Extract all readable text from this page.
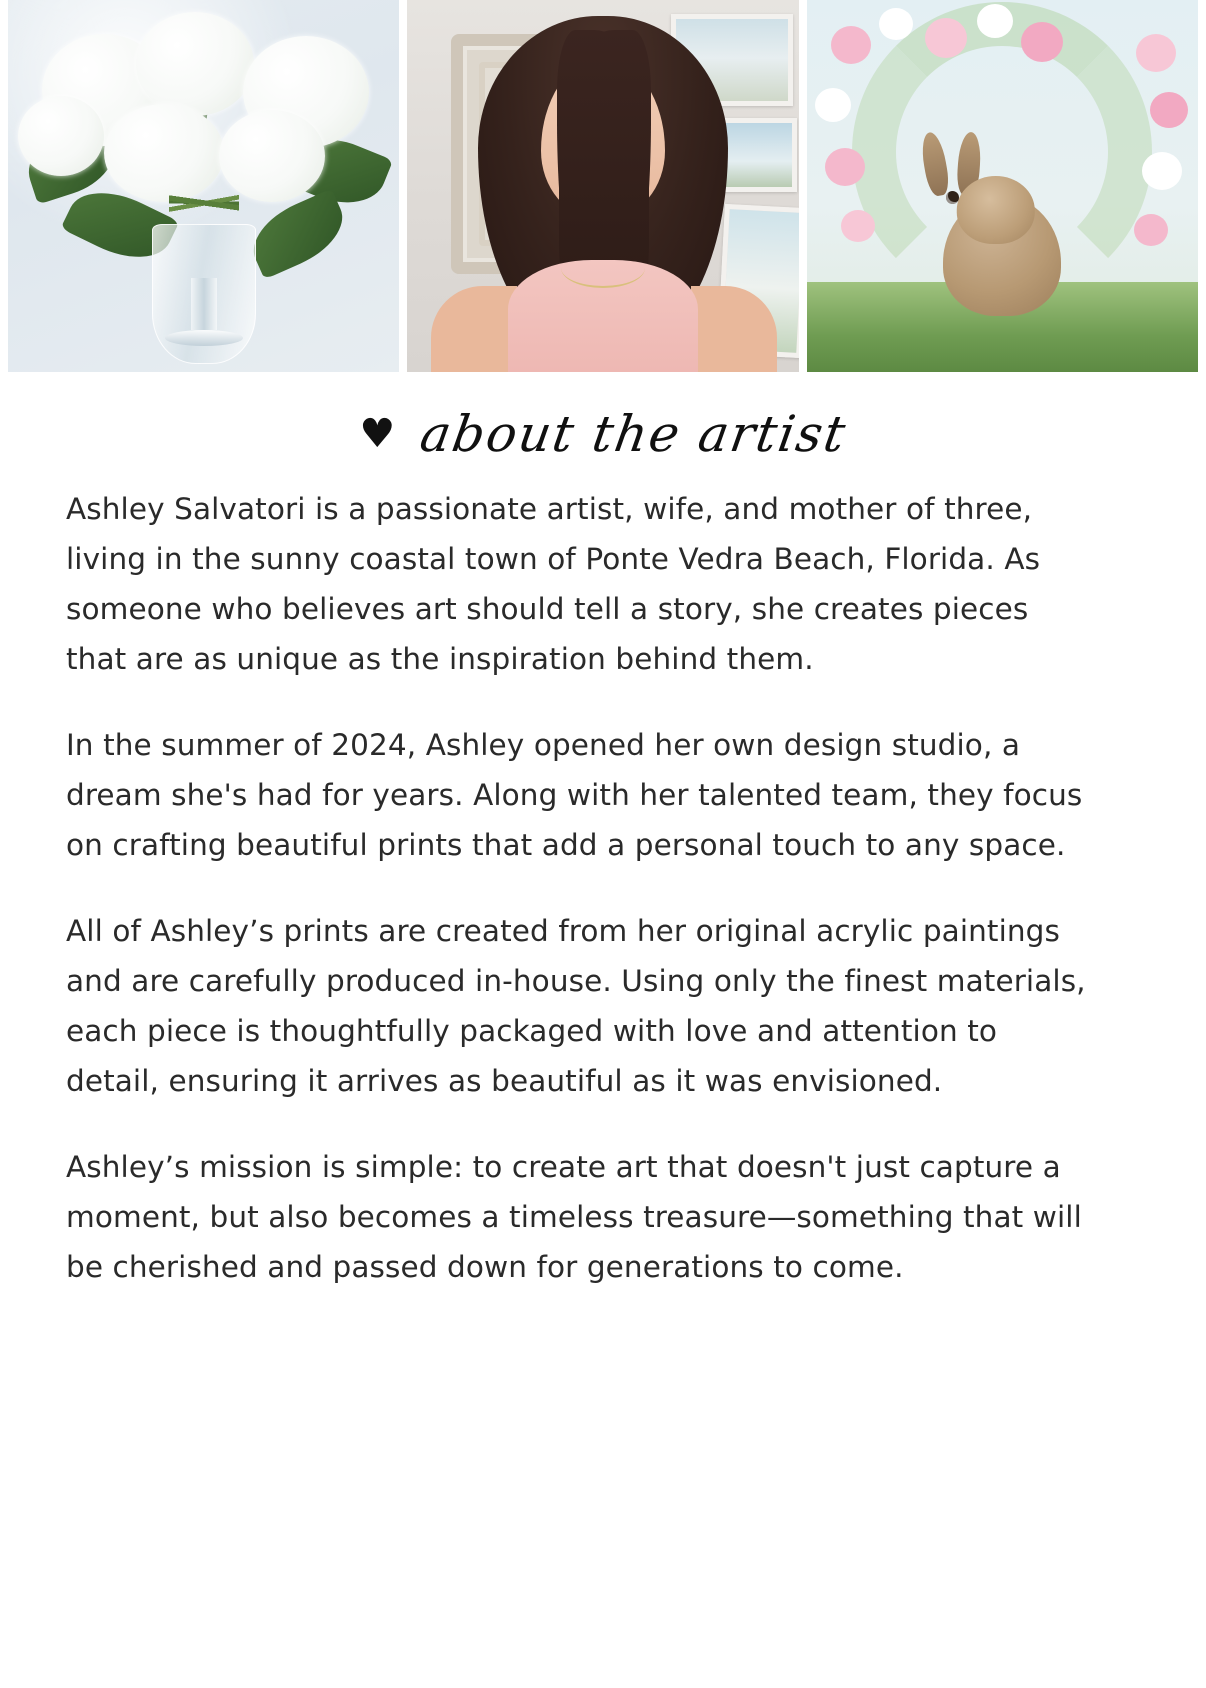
♥ about the artist

Ashley Salvatori is a passionate artist, wife, and mother of three, living in the sunny coastal town of Ponte Vedra Beach, Florida. As someone who believes art should tell a story, she creates pieces that are as unique as the inspiration behind them.

In the summer of 2024, Ashley opened her own design studio, a dream she's had for years. Along with her talented team, they focus on crafting beautiful prints that add a personal touch to any space.

All of Ashley’s prints are created from her original acrylic paintings and are carefully produced in-house. Using only the finest materials, each piece is thoughtfully packaged with love and attention to detail, ensuring it arrives as beautiful as it was envisioned.

Ashley’s mission is simple: to create art that doesn't just capture a moment, but also becomes a timeless treasure—something that will be cherished and passed down for generations to come.
